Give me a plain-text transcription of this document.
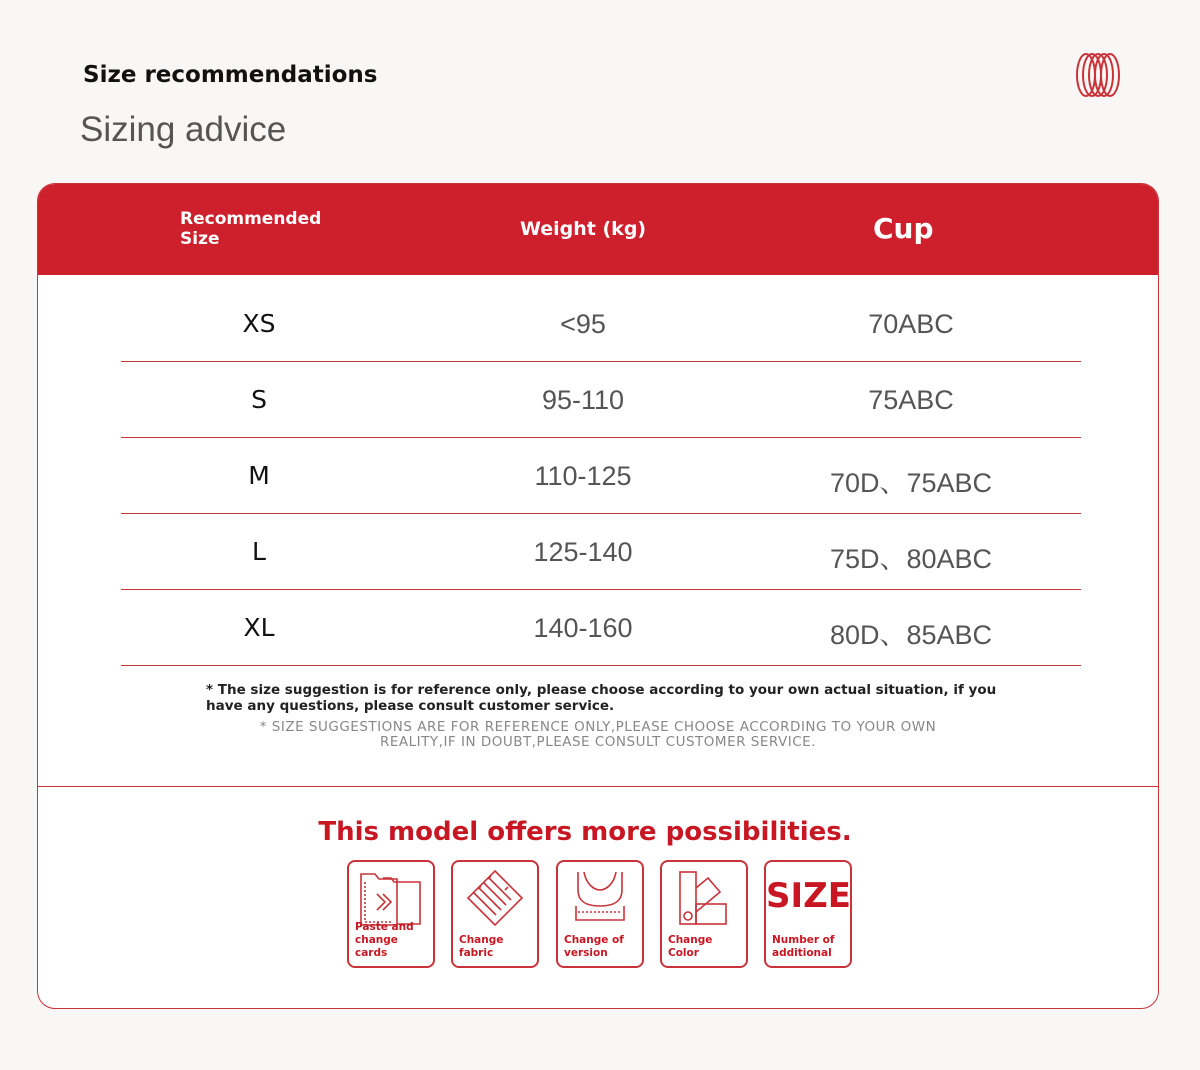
Size recommendations
Sizing advice
Recommended Size	Weight (kg)	Cup
XS	<95	70ABC
S	95-110	75ABC
M	110-125	70D、75ABC
L	125-140	75D、80ABC
XL	140-160	80D、85ABC
* The size suggestion is for reference only, please choose according to your own actual situation, if you have any questions, please consult customer service.
* SIZE SUGGESTIONS ARE FOR REFERENCE ONLY,PLEASE CHOOSE ACCORDING TO YOUR OWN REALITY,IF IN DOUBT,PLEASE CONSULT CUSTOMER SERVICE.
This model offers more possibilities.
Paste and change cards
Change fabric
Change of version
Change Color
SIZE
Number of additional
